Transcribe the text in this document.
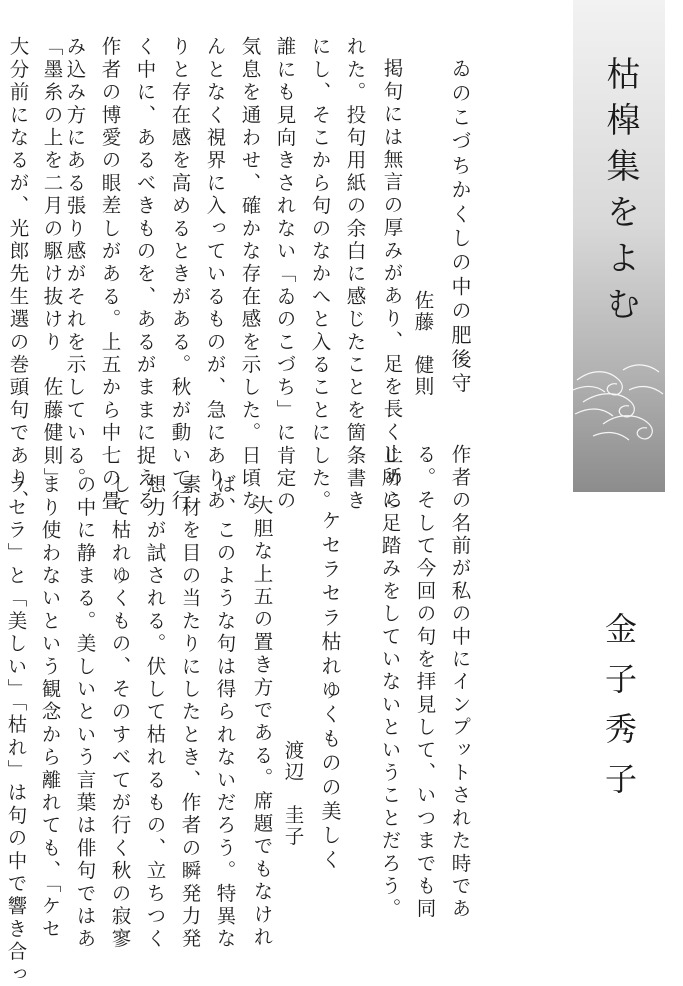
枯槹集をよむ
金子秀子
ゐのこづちかくしの中の肥後守
佐藤　健則
掲句には無言の厚みがあり、足を長く止めら
れた。投句用紙の余白に感じたことを箇条書き
にし、そこから句のなかへと入ることにした。
誰にも見向きされない「ゐのこづち」に肯定の
気息を通わせ、確かな存在感を示した。日頃な
んとなく視界に入っているものが、急にありあ
りと存在感を高めるときがある。秋が動いて行
く中に、あるべきものを、あるがままに捉える
作者の博愛の眼差しがある。上五から中七の畳
み込み方にある張り感がそれを示している。
「墨糸の上を二月の駆け抜けり　佐藤健則」
大分前になるが、光郎先生選の巻頭句であり、
作者の名前が私の中にインプットされた時であ
る。そして今回の句を拝見して、いつまでも同
じ所に足踏みをしていないということだろう。
ケセラセラ枯れゆくものの美しく
渡辺　圭子
大胆な上五の置き方である。席題でもなけれ
ば、このような句は得られないだろう。特異な
素材を目の当たりにしたとき、作者の瞬発力発
想力が試される。伏して枯れるもの、立ちつく
して枯れゆくもの、そのすべてが行く秋の寂寥
の中に静まる。美しいという言葉は俳句ではあ
まり使わないという観念から離れても、「ケセ
ラセラ」と「美しい」「枯れ」は句の中で響き合っ
